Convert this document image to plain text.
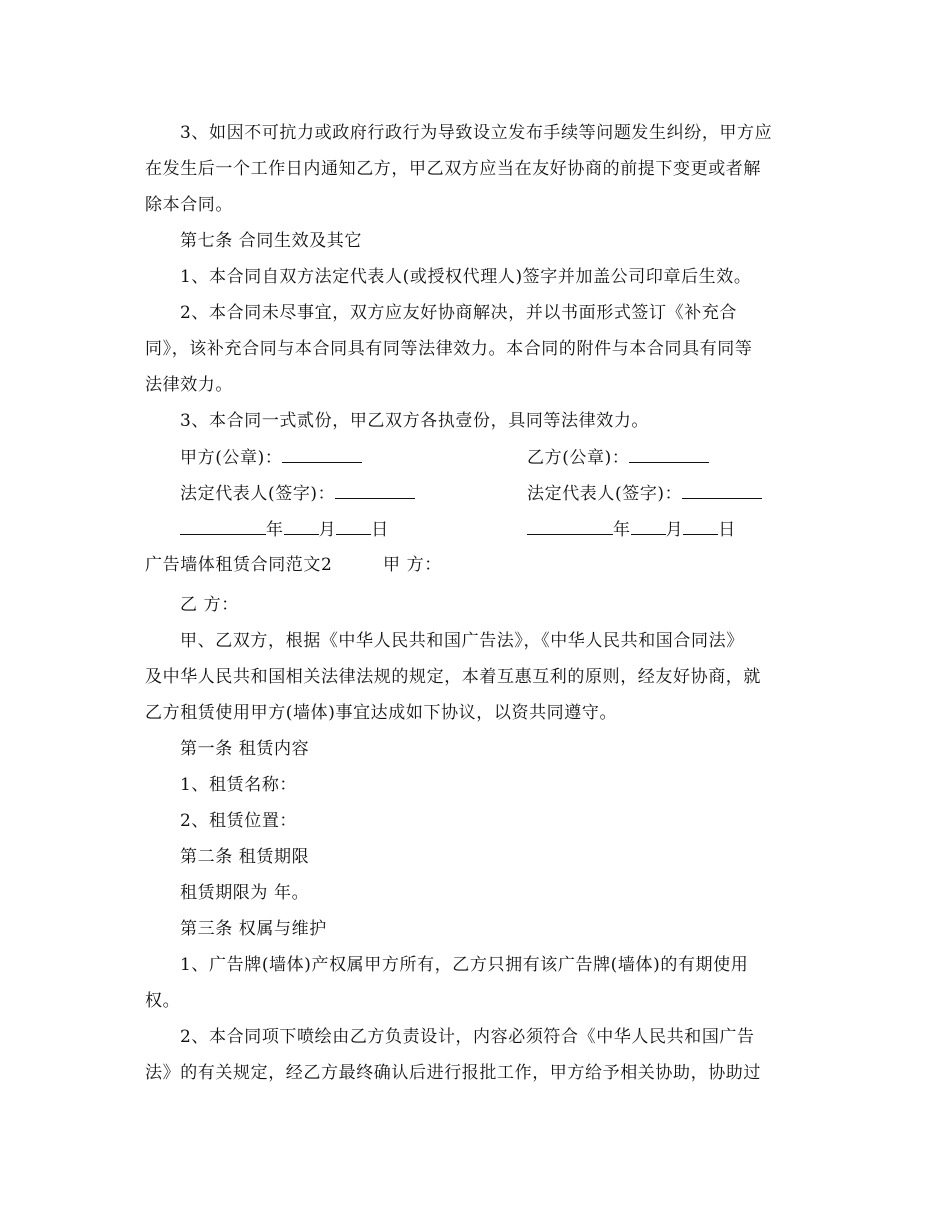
3、如因不可抗力或政府行政行为导致设立发布手续等问题发生纠纷，甲方应
在发生后一个工作日内通知乙方，甲乙双方应当在友好协商的前提下变更或者解
除本合同。
第七条 合同生效及其它
1、本合同自双方法定代表人(或授权代理人)签字并加盖公司印章后生效。
2、本合同未尽事宜，双方应友好协商解决，并以书面形式签订《补充合
同》，该补充合同与本合同具有同等法律效力。本合同的附件与本合同具有同等
法律效力。
3、本合同一式贰份，甲乙双方各执壹份，具同等法律效力。
甲方(公章)：	乙方(公章)：
法定代表人(签字)：	法定代表人(签字)：
年 月 日	年 月 日
广告墙体租赁合同范文2	甲 方：
乙 方：
甲、乙双方，根据《中华人民共和国广告法》，《中华人民共和国合同法》
及中华人民共和国相关法律法规的规定，本着互惠互利的原则，经友好协商，就
乙方租赁使用甲方(墙体)事宜达成如下协议，以资共同遵守。
第一条 租赁内容
1、租赁名称：
2、租赁位置：
第二条 租赁期限
租赁期限为 年。
第三条 权属与维护
1、广告牌(墙体)产权属甲方所有，乙方只拥有该广告牌(墙体)的有期使用
权。
2、本合同项下喷绘由乙方负责设计，内容必须符合《中华人民共和国广告
法》的有关规定，经乙方最终确认后进行报批工作，甲方给予相关协助，协助过
